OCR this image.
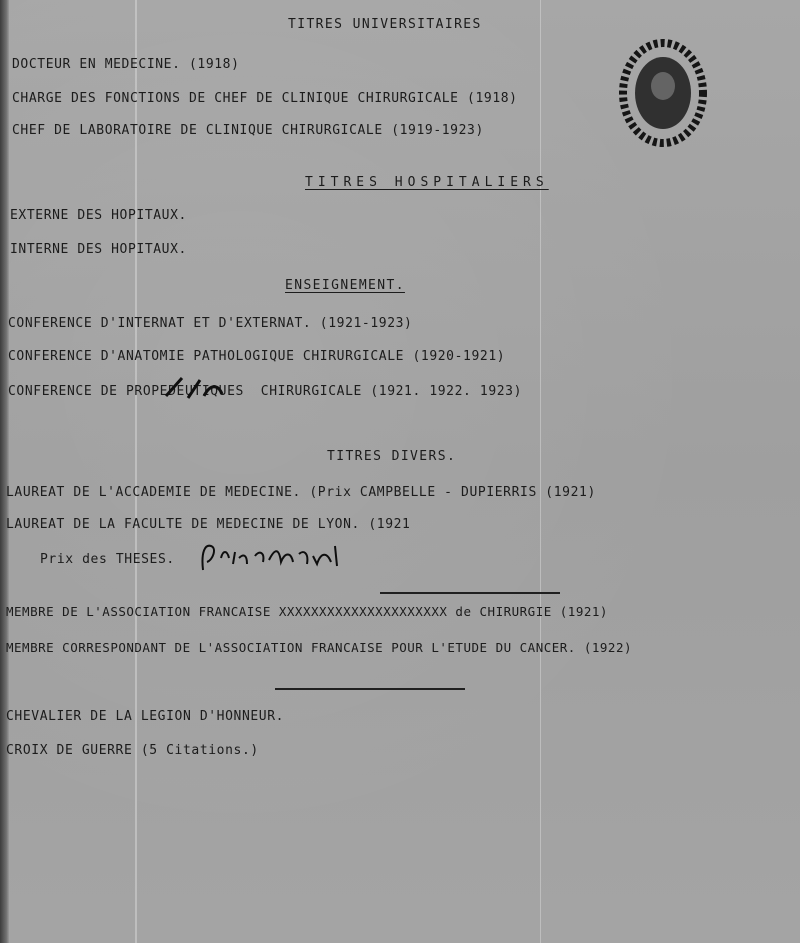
TITRES UNIVERSITAIRES
DOCTEUR EN MEDECINE. (1918)
CHARGE DES FONCTIONS DE CHEF DE CLINIQUE CHIRURGICALE (1918)
CHEF DE LABORATOIRE DE CLINIQUE CHIRURGICALE (1919-1923)
TITRES HOSPITALIERS
EXTERNE DES HOPITAUX.
INTERNE DES HOPITAUX.
ENSEIGNEMENT.
CONFERENCE D'INTERNAT ET D'EXTERNAT. (1921-1923)
CONFERENCE D'ANATOMIE PATHOLOGIQUE CHIRURGICALE (1920-1921)
CONFERENCE DE PROPEDEUTIQUES  CHIRURGICALE (1921. 1922. 1923)
TITRES DIVERS.
LAUREAT DE L'ACCADEMIE DE MEDECINE. (Prix CAMPBELLE - DUPIERRIS (1921)
LAUREAT DE LA FACULTE DE MEDECINE DE LYON. (1921
Prix des THESES.
MEMBRE DE L'ASSOCIATION FRANCAISE XXXXXXXXXXXXXXXXXXXXX de CHIRURGIE (1921)
MEMBRE CORRESPONDANT DE L'ASSOCIATION FRANCAISE POUR L'ETUDE DU CANCER. (1922)
CHEVALIER DE LA LEGION D'HONNEUR.
CROIX DE GUERRE (5 Citations.)
